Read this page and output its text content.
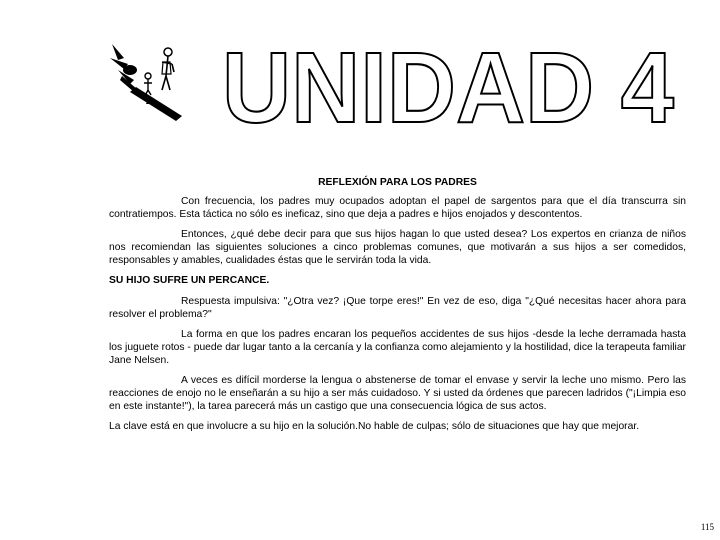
UNIDAD 4

REFLEXIÓN PARA LOS PADRES

Con frecuencia, los padres muy ocupados adoptan el papel de sargentos para que el día transcurra sin contratiempos. Esta táctica no sólo es ineficaz, sino que deja a padres e hijos enojados y descontentos.

Entonces, ¿qué debe decir para que sus hijos hagan lo que usted desea? Los expertos en crianza de niños nos recomiendan las siguientes soluciones a cinco problemas comunes, que motivarán a sus hijos a ser comedidos, responsables y amables, cualidades éstas que le servirán toda la vida.

SU HIJO SUFRE UN PERCANCE.

Respuesta impulsiva: "¿Otra vez? ¡Que torpe eres!" En vez de eso, diga "¿Qué necesitas hacer ahora para resolver el problema?"

La forma en que los padres encaran los pequeños accidentes de sus hijos -desde la leche derramada hasta los juguete rotos - puede dar lugar tanto a la cercanía y la confianza como alejamiento y la hostilidad, dice la terapeuta familiar Jane Nelsen.

A veces es difícil morderse la lengua o abstenerse de tomar el envase y servir la leche uno mismo. Pero las reacciones de enojo no le enseñarán a su hijo a ser más cuidadoso. Y si usted da órdenes que parecen ladridos ("¡Limpia eso en este instante!"), la tarea parecerá más un castigo que una consecuencia lógica de sus actos.

La clave está en que involucre a su hijo en la solución.No hable de culpas; sólo de situaciones que hay que mejorar.

115
